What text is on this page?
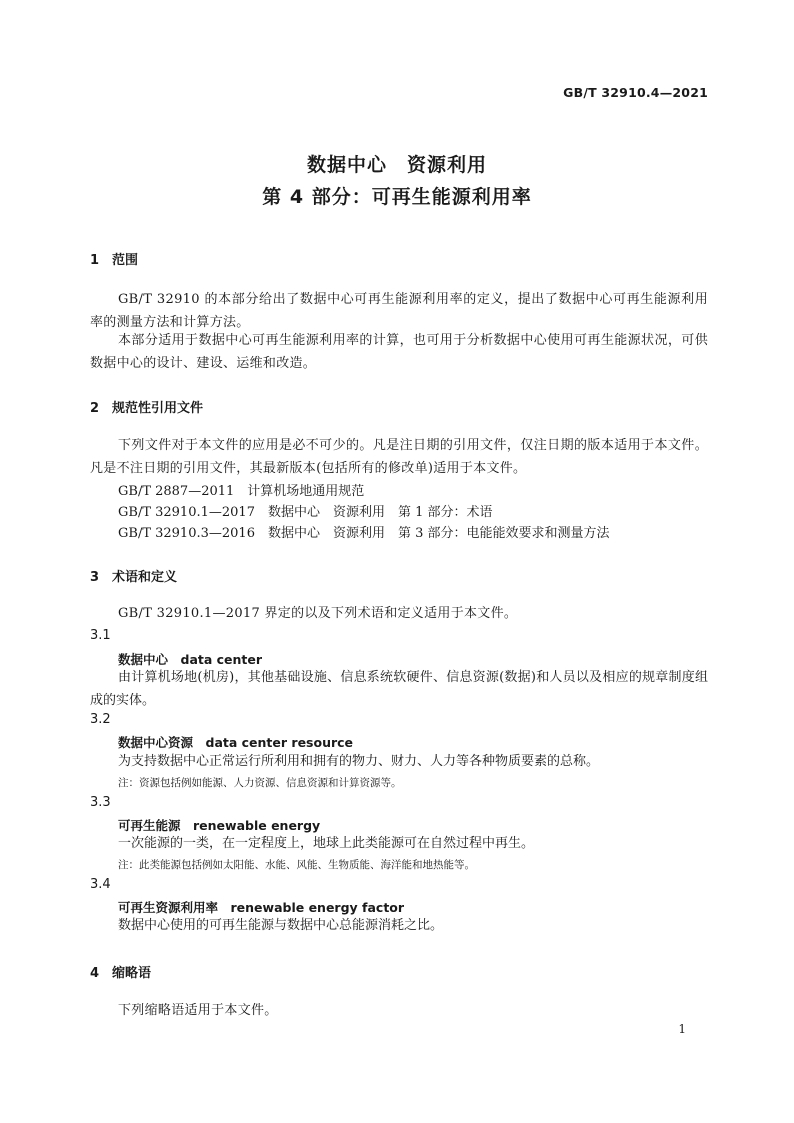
GB/T 32910.4—2021
数据中心　资源利用
第 4 部分：可再生能源利用率
1 范围
GB/T 32910 的本部分给出了数据中心可再生能源利用率的定义，提出了数据中心可再生能源利用率的测量方法和计算方法。
本部分适用于数据中心可再生能源利用率的计算，也可用于分析数据中心使用可再生能源状况，可供数据中心的设计、建设、运维和改造。
2 规范性引用文件
下列文件对于本文件的应用是必不可少的。凡是注日期的引用文件，仅注日期的版本适用于本文件。凡是不注日期的引用文件，其最新版本(包括所有的修改单)适用于本文件。
GB/T 2887—2011　计算机场地通用规范
GB/T 32910.1—2017　数据中心　资源利用　第 1 部分：术语
GB/T 32910.3—2016　数据中心　资源利用　第 3 部分：电能能效要求和测量方法
3 术语和定义
GB/T 32910.1—2017 界定的以及下列术语和定义适用于本文件。
3.1
数据中心　data center
由计算机场地(机房)，其他基础设施、信息系统软硬件、信息资源(数据)和人员以及相应的规章制度组成的实体。
3.2
数据中心资源　data center resource
为支持数据中心正常运行所利用和拥有的物力、财力、人力等各种物质要素的总称。
注：资源包括例如能源、人力资源、信息资源和计算资源等。
3.3
可再生能源　renewable energy
一次能源的一类，在一定程度上，地球上此类能源可在自然过程中再生。
注：此类能源包括例如太阳能、水能、风能、生物质能、海洋能和地热能等。
3.4
可再生资源利用率　renewable energy factor
数据中心使用的可再生能源与数据中心总能源消耗之比。
4 缩略语
下列缩略语适用于本文件。
1
